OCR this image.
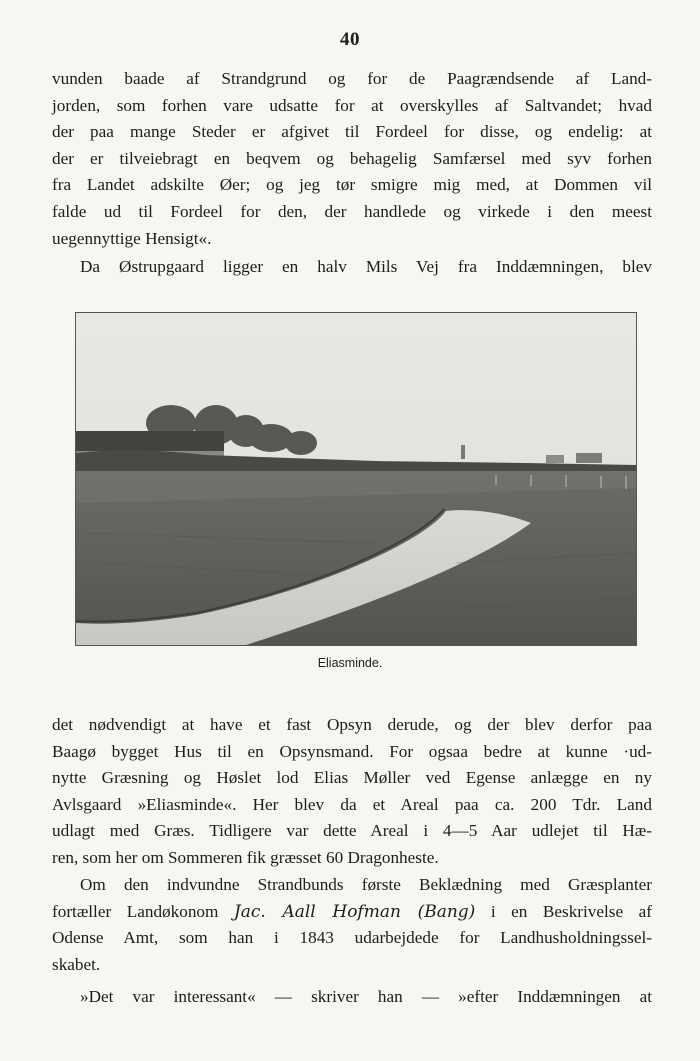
40

vunden baade af Strandgrund og for de Paagrændsende af Land-
jorden, som forhen vare udsatte for at overskylles af Saltvandet; hvad
der paa mange Steder er afgivet til Fordeel for disse, og endelig: at
der er tilveiebragt en beqvem og behagelig Samfærsel med syv forhen
fra Landet adskilte Øer; og jeg tør smigre mig med, at Dommen vil
falde ud til Fordeel for den, der handlede og virkede i den meest
uegennyttige Hensigt«.

Da Østrupgaard ligger en halv Mils Vej fra Inddæmningen, blev

Eliasminde.

det nødvendigt at have et fast Opsyn derude, og der blev derfor paa
Baagø bygget Hus til en Opsynsmand. For ogsaa bedre at kunne ·ud-
nytte Græsning og Høslet lod Elias Møller ved Egense anlægge en ny
Avlsgaard »Eliasminde«. Her blev da et Areal paa ca. 200 Tdr. Land
udlagt med Græs. Tidligere var dette Areal i 4—5 Aar udlejet til Hæ-
ren, som her om Sommeren fik græsset 60 Dragonheste.

Om den indvundne Strandbunds første Beklædning med Græsplanter
fortæller Landøkonom Jac. Aall Hofman (Bang) i en Beskrivelse af
Odense Amt, som han i 1843 udarbejdede for Landhusholdningssel-
skabet.

»Det var interessant« — skriver han — »efter Inddæmningen at
